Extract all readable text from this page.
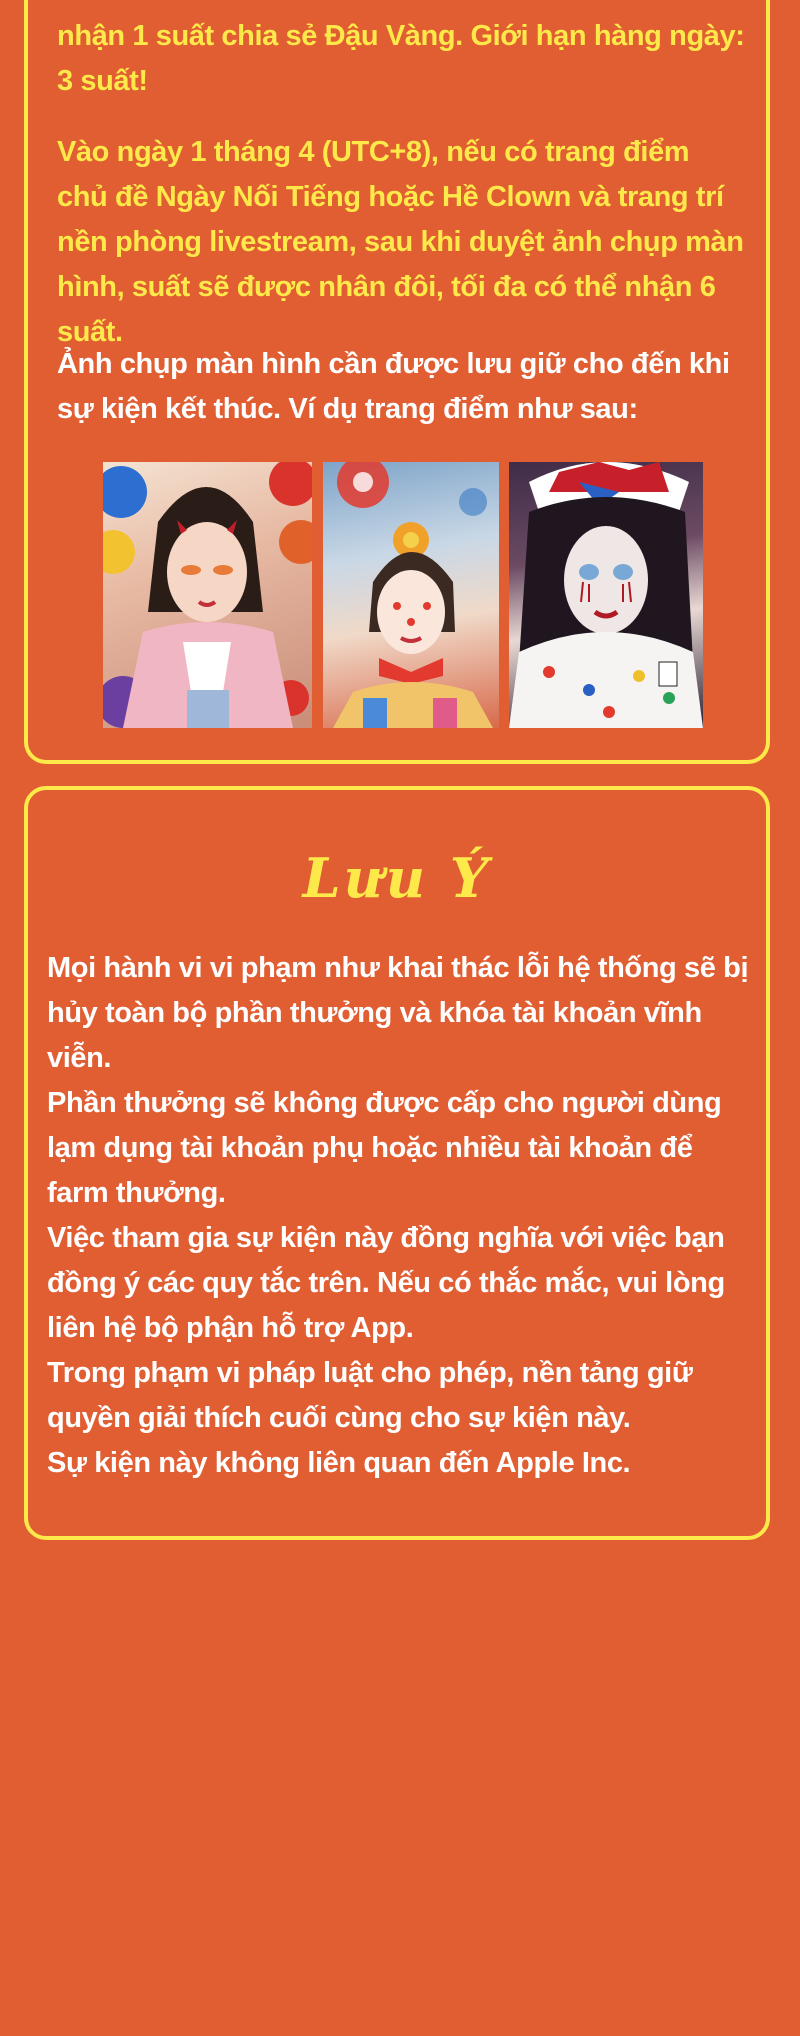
nhận 1 suất chia sẻ Đậu Vàng. Giới hạn hàng ngày: 3 suất!

Vào ngày 1 tháng 4 (UTC+8), nếu có trang điểm chủ đề Ngày Nối Tiếng hoặc Hề Clown và trang trí nền phòng livestream, sau khi duyệt ảnh chụp màn hình, suất sẽ được nhân đôi, tối đa có thể nhận 6 suất.

Ảnh chụp màn hình cần được lưu giữ cho đến khi sự kiện kết thúc. Ví dụ trang điểm như sau:

Lưu Ý

Mọi hành vi vi phạm như khai thác lỗi hệ thống sẽ bị hủy toàn bộ phần thưởng và khóa tài khoản vĩnh viễn.

Phần thưởng sẽ không được cấp cho người dùng lạm dụng tài khoản phụ hoặc nhiều tài khoản để farm thưởng.

Việc tham gia sự kiện này đồng nghĩa với việc bạn đồng ý các quy tắc trên. Nếu có thắc mắc, vui lòng liên hệ bộ phận hỗ trợ App.

Trong phạm vi pháp luật cho phép, nền tảng giữ quyền giải thích cuối cùng cho sự kiện này.

Sự kiện này không liên quan đến Apple Inc.
